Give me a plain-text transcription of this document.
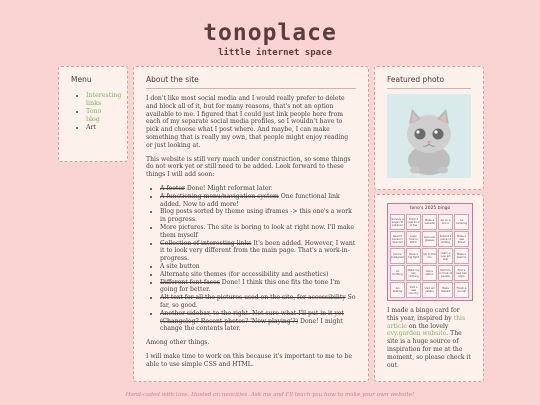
tonoplace
little internet space
Menu
• Interesting links
• Tono blog
• Art
About the site

I don't like most social media and I would really prefer to delete and block all of it, but for many reasons, that's not an option available to me. I figured that I could just link people here from each of my separate social media profiles, so I wouldn't have to pick and choose what I post where. And maybe, I can make something that is really my own, that people might enjoy reading or just looking at.

This website is still very much under construction, so some things do not work yet or still need to be added. Look forward to these things I will add soon:

• A footer Done! Might reformat later.
• A functioning menu/navigation system One functional link added. Now to add more!
• Blog posts sorted by theme using iframes -> this one's a work in progress.
• More pictures. The site is boring to look at right now. I'll make them myself
• Collection of interesting links It's been added. However, I want it to look very different from the main page. That's a work-in-progress.
• A site button
• Alternate site themes (for accessibility and aesthetics)
• Different font faces Done! I think this one fits the tone I'm going for better.
• Alt-text for all the pictures used on the site, for accessibility So far, so good.
• Another sidebar, to the right. Not sure what I'll put in it yet (Changelog? Recent photos? 'Now playing'?) Done! I might change the contents later.

Among other things.

I will make time to work on this because it's important to me to be able to use simple CSS and HTML.

Featured photo
tono's 2025 bingo
Survive a pagan to Lebanon
Drink a new kind of tea
Make a website
Go on a picnic
Go camping
Read 5 books in Spanish
Learn how to stitch
Get new glasses
Submit a piece of writing
Make a new friend
Dance Instagram
Have a big fight
Go to the zoo
Learn a new art skill
Make a Gemini
Go thrifting
Make my own clothing
Get a tattoo
Perform in front of people
Find a new hair style
Go skating
Visit a new country
Visit art gallery
Make dessert
Finish a journal

I made a bingo card for this year, inspired by this article on the lovely evy.garden website. The site is a huge source of inspiration for me at the moment, so please check it out.

Hand-coded with love. Hosted on neocities. Ask me and I'll teach you how to make your own website!
